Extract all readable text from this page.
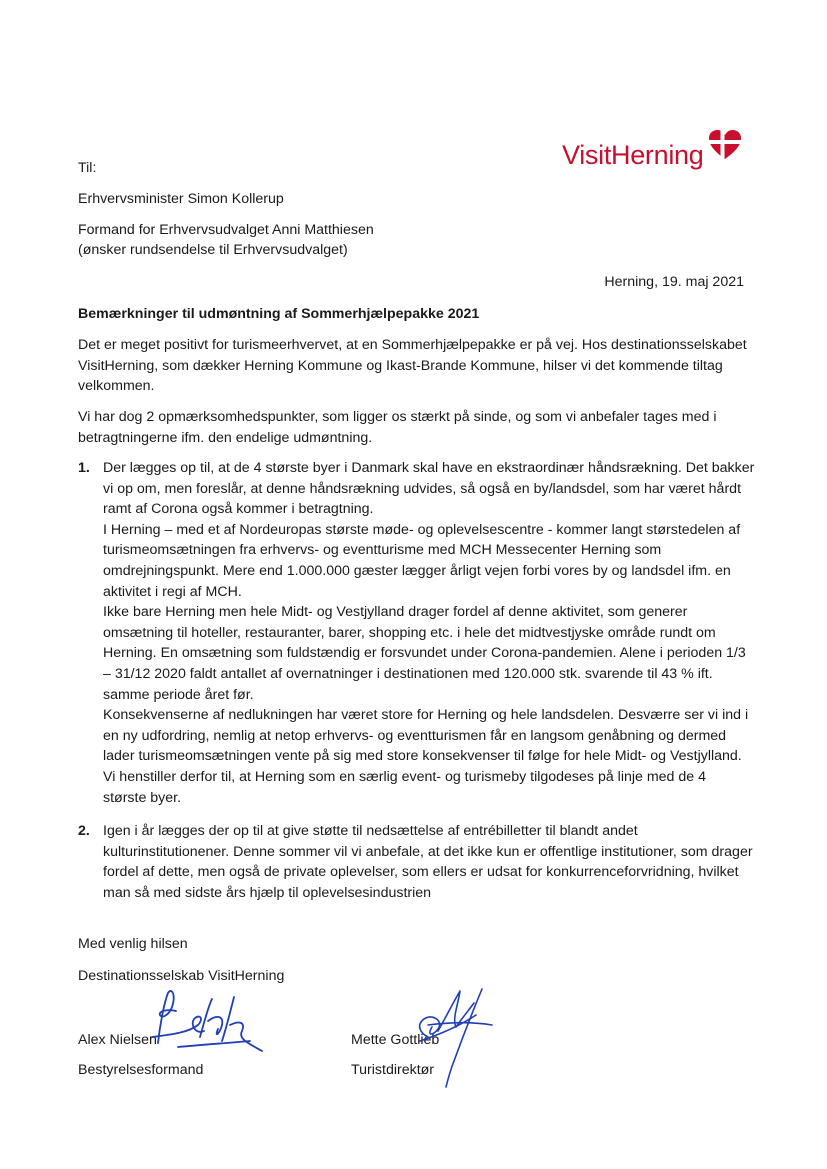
VisitHerning
Til:
Erhvervsminister Simon Kollerup
Formand for Erhvervsudvalget Anni Matthiesen
(ønsker rundsendelse til Erhvervsudvalget)
Herning, 19. maj 2021
Bemærkninger til udmøntning af Sommerhjælpepakke 2021
Det er meget positivt for turismeerhvervet, at en Sommerhjælpepakke er på vej. Hos destinationsselskabet
VisitHerning, som dækker Herning Kommune og Ikast-Brande Kommune, hilser vi det kommende tiltag
velkommen.
Vi har dog 2 opmærksomhedspunkter, som ligger os stærkt på sinde, og som vi anbefaler tages med i
betragtningerne ifm. den endelige udmøntning.
1. Der lægges op til, at de 4 største byer i Danmark skal have en ekstraordinær håndsrækning. Det bakker
vi op om, men foreslår, at denne håndsrækning udvides, så også en by/landsdel, som har været hårdt
ramt af Corona også kommer i betragtning.
I Herning – med et af Nordeuropas største møde- og oplevelsescentre - kommer langt størstedelen af
turismeomsætningen fra erhvervs- og eventturisme med MCH Messecenter Herning som
omdrejningspunkt. Mere end 1.000.000 gæster lægger årligt vejen forbi vores by og landsdel ifm. en
aktivitet i regi af MCH.
Ikke bare Herning men hele Midt- og Vestjylland drager fordel af denne aktivitet, som generer
omsætning til hoteller, restauranter, barer, shopping etc. i hele det midtvestjyske område rundt om
Herning. En omsætning som fuldstændig er forsvundet under Corona-pandemien. Alene i perioden 1/3
– 31/12 2020 faldt antallet af overnatninger i destinationen med 120.000 stk. svarende til 43 % ift.
samme periode året før.
Konsekvenserne af nedlukningen har været store for Herning og hele landsdelen. Desværre ser vi ind i
en ny udfordring, nemlig at netop erhvervs- og eventturismen får en langsom genåbning og dermed
lader turismeomsætningen vente på sig med store konsekvenser til følge for hele Midt- og Vestjylland.
Vi henstiller derfor til, at Herning som en særlig event- og turismeby tilgodeses på linje med de 4
største byer.
2. Igen i år lægges der op til at give støtte til nedsættelse af entrébilletter til blandt andet
kulturinstitutionener. Denne sommer vil vi anbefale, at det ikke kun er offentlige institutioner, som drager
fordel af dette, men også de private oplevelser, som ellers er udsat for konkurrenceforvridning, hvilket
man så med sidste års hjælp til oplevelsesindustrien
Med venlig hilsen
Destinationsselskab VisitHerning
Alex Nielsen
Bestyrelsesformand
Mette Gottlieb
Turistdirektør
